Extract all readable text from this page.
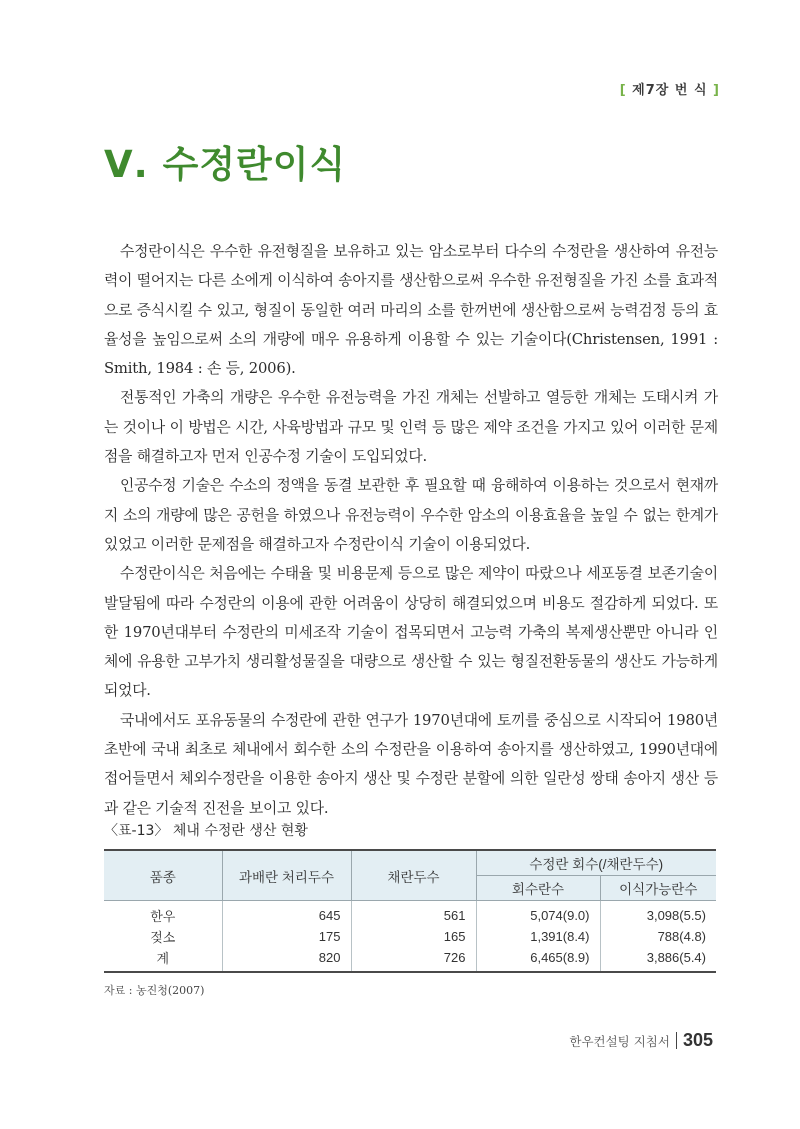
[ 제7장 번 식 ]
Ⅴ. 수정란이식

수정란이식은 우수한 유전형질을 보유하고 있는 암소로부터 다수의 수정란을 생산하여 유전능력이 떨어지는 다른 소에게 이식하여 송아지를 생산함으로써 우수한 유전형질을 가진 소를 효과적으로 증식시킬 수 있고, 형질이 동일한 여러 마리의 소를 한꺼번에 생산함으로써 능력검정 등의 효율성을 높임으로써 소의 개량에 매우 유용하게 이용할 수 있는 기술이다(Christensen, 1991 : Smith, 1984 : 손 등, 2006).

전통적인 가축의 개량은 우수한 유전능력을 가진 개체는 선발하고 열등한 개체는 도태시켜 가는 것이나 이 방법은 시간, 사육방법과 규모 및 인력 등 많은 제약 조건을 가지고 있어 이러한 문제점을 해결하고자 먼저 인공수정 기술이 도입되었다.

인공수정 기술은 수소의 정액을 동결 보관한 후 필요할 때 융해하여 이용하는 것으로서 현재까지 소의 개량에 많은 공헌을 하였으나 유전능력이 우수한 암소의 이용효율을 높일 수 없는 한계가 있었고 이러한 문제점을 해결하고자 수정란이식 기술이 이용되었다.

수정란이식은 처음에는 수태율 및 비용문제 등으로 많은 제약이 따랐으나 세포동결 보존기술이 발달됨에 따라 수정란의 이용에 관한 어려움이 상당히 해결되었으며 비용도 절감하게 되었다. 또한 1970년대부터 수정란의 미세조작 기술이 접목되면서 고능력 가축의 복제생산뿐만 아니라 인체에 유용한 고부가치 생리활성물질을 대량으로 생산할 수 있는 형질전환동물의 생산도 가능하게 되었다.

국내에서도 포유동물의 수정란에 관한 연구가 1970년대에 토끼를 중심으로 시작되어 1980년 초반에 국내 최초로 체내에서 회수한 소의 수정란을 이용하여 송아지를 생산하였고, 1990년대에 접어들면서 체외수정란을 이용한 송아지 생산 및 수정란 분할에 의한 일란성 쌍태 송아지 생산 등과 같은 기술적 진전을 보이고 있다.

〈표-13〉 체내 수정란 생산 현황
품종	과배란 처리두수	채란두수	수정란 회수(/채란두수)	
			회수란수	이식가능란수
한우	645	561	5,074(9.0)	3,098(5.5)
젖소	175	165	1,391(8.4)	788(4.8)
계	820	726	6,465(8.9)	3,886(5.4)
자료 : 농진청(2007)
한우컨설팅 지침서 305
